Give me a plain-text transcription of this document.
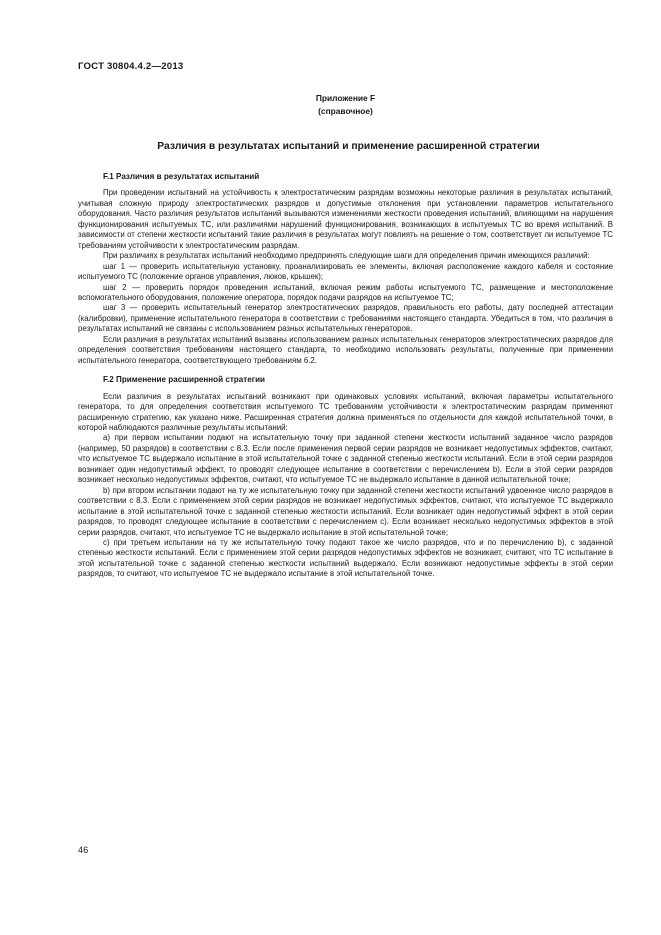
ГОСТ 30804.4.2—2013
Приложение F
(справочное)
Различия в результатах испытаний и применение расширенной стратегии
F.1 Различия в результатах испытаний

При проведении испытаний на устойчивость к электростатическим разрядам возможны некоторые различия в результатах испытаний, учитывая сложную природу электростатических разрядов и допустимые отклонения при установлении параметров испытательного оборудования. Часто различия результатов испытаний вызываются изменениями жесткости проведения испытаний, влияющими на нарушения функционирования испытуемых ТС, или различиями нарушений функционирования, возникающих в испытуемых ТС во время испытаний. В зависимости от степени жесткости испытаний такие различия в результатах могут повлиять на решение о том, соответствует ли испытуемое ТС требованиям устойчивости к электростатическим разрядам.

При различиях в результатах испытаний необходимо предпринять следующие шаги для определения причин имеющихся различий:

шаг 1 — проверить испытательную установку, проанализировать ее элементы, включая расположение каждого кабеля и состояние испытуемого ТС (положение органов управления, люков, крышек);

шаг 2 — проверить порядок проведения испытаний, включая режим работы испытуемого ТС, размещение и местоположение вспомогательного оборудования, положение оператора, порядок подачи разрядов на испытуемое ТС;

шаг 3 — проверить испытательный генератор электростатических разрядов, правильность его работы, дату последней аттестации (калибровки), применение испытательного генератора в соответствии с требованиями настоящего стандарта. Убедиться в том, что различия в результатах испытаний не связаны с использованием разных испытательных генераторов.

Если различия в результатах испытаний вызваны использованием разных испытательных генераторов электростатических разрядов для определения соответствия требованиям настоящего стандарта, то необходимо использовать результаты, полученные при применении испытательного генератора, соответствующего требованиям 6.2.

F.2 Применение расширенной стратегии

Если различия в результатах испытаний возникают при одинаковых условиях испытаний, включая параметры испытательного генератора, то для определения соответствия испытуемого ТС требованиям устойчивости к электростатическим разрядам применяют расширенную стратегию, как указано ниже. Расширенная стратегия должна применяться по отдельности для каждой испытательной точки, в которой наблюдаются различные результаты испытаний:

a) при первом испытании подают на испытательную точку при заданной степени жесткости испытаний заданное число разрядов (например, 50 разрядов) в соответствии с 8.3. Если после применения первой серии разрядов не возникает недопустимых эффектов, считают, что испытуемое ТС выдержало испытание в этой испытательной точке с заданной степенью жесткости испытаний. Если в этой серии разрядов возникает один недопустимый эффект, то проводят следующее испытание в соответствии с перечислением b). Если в этой серии разрядов возникает несколько недопустимых эффектов, считают, что испытуемое ТС не выдержало испытание в данной испытательной точке;

b) при втором испытании подают на ту же испытательную точку при заданной степени жесткости испытаний удвоенное число разрядов в соответствии с 8.3. Если с применением этой серии разрядов не возникает недопустимых эффектов, считают, что испытуемое ТС выдержало испытание в этой испытательной точке с заданной степенью жесткости испытаний. Если возникает один недопустимый эффект в этой серии разрядов, то проводят следующее испытание в соответствии с перечислением c). Если возникает несколько недопустимых эффектов в этой серии разрядов, считают, что испытуемое ТС не выдержало испытание в этой испытательной точке;

c) при третьем испытании на ту же испытательную точку подают такое же число разрядов, что и по перечислению b), с заданной степенью жесткости испытаний. Если с применением этой серии разрядов недопустимых эффектов не возникает, считают, что ТС испытание в этой испытательной точке с заданной степенью жесткости испытаний выдержало. Если возникают недопустимые эффекты в этой серии разрядов, то считают, что испытуемое ТС не выдержало испытание в этой испытательной точке.

46
